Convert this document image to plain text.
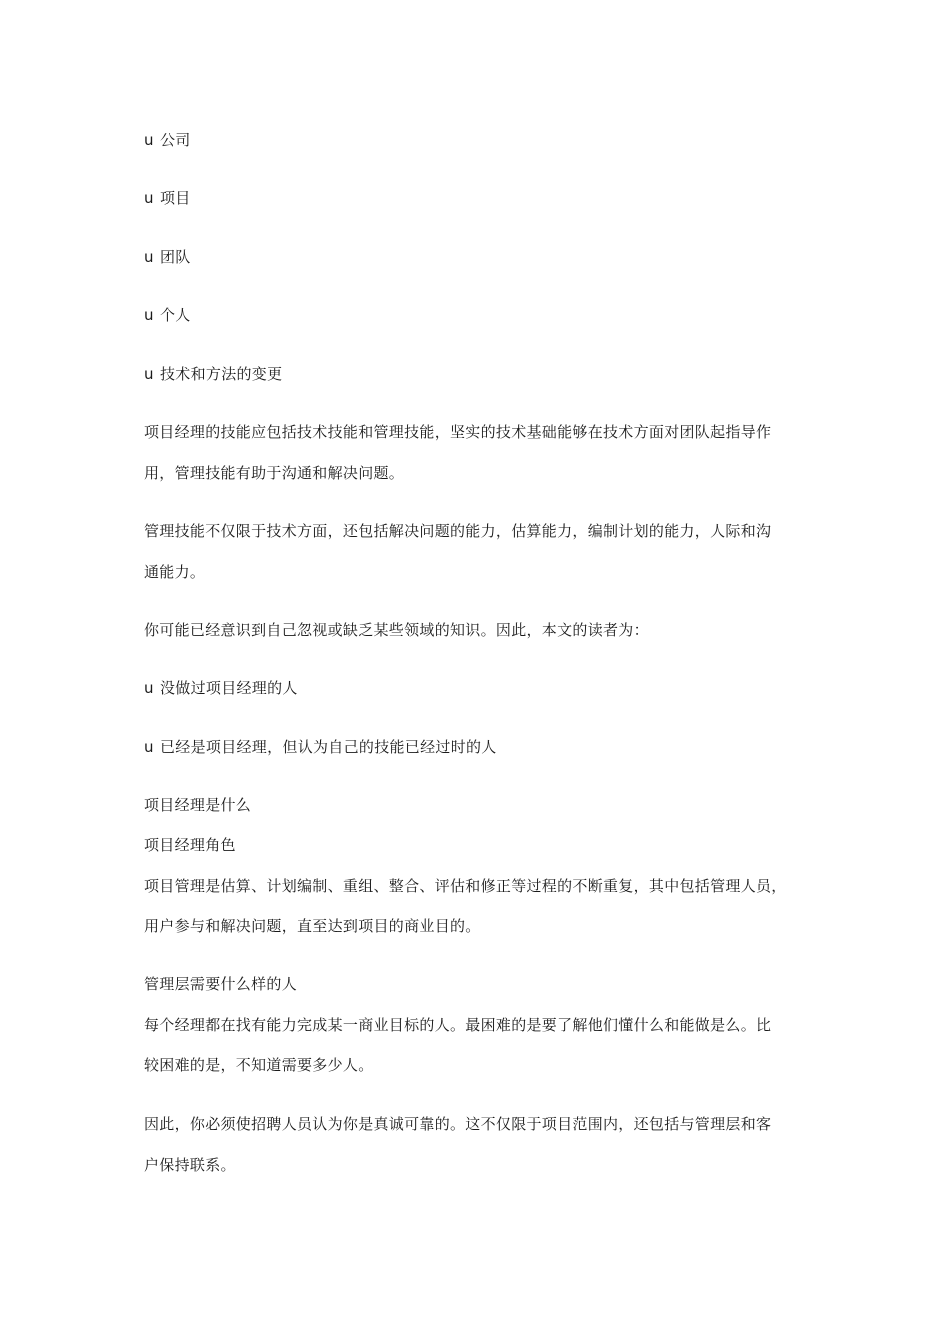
u 公司
u 项目
u 团队
u 个人
u 技术和方法的变更
项目经理的技能应包括技术技能和管理技能，坚实的技术基础能够在技术方面对团队起指导作
用，管理技能有助于沟通和解决问题。
管理技能不仅限于技术方面，还包括解决问题的能力，估算能力，编制计划的能力，人际和沟
通能力。
你可能已经意识到自己忽视或缺乏某些领域的知识。因此，本文的读者为：
u 没做过项目经理的人
u 已经是项目经理，但认为自己的技能已经过时的人
项目经理是什么
项目经理角色
项目管理是估算、计划编制、重组、整合、评估和修正等过程的不断重复，其中包括管理人员，
用户参与和解决问题，直至达到项目的商业目的。
管理层需要什么样的人
每个经理都在找有能力完成某一商业目标的人。最困难的是要了解他们懂什么和能做是么。比
较困难的是，不知道需要多少人。
因此，你必须使招聘人员认为你是真诚可靠的。这不仅限于项目范围内，还包括与管理层和客
户保持联系。
